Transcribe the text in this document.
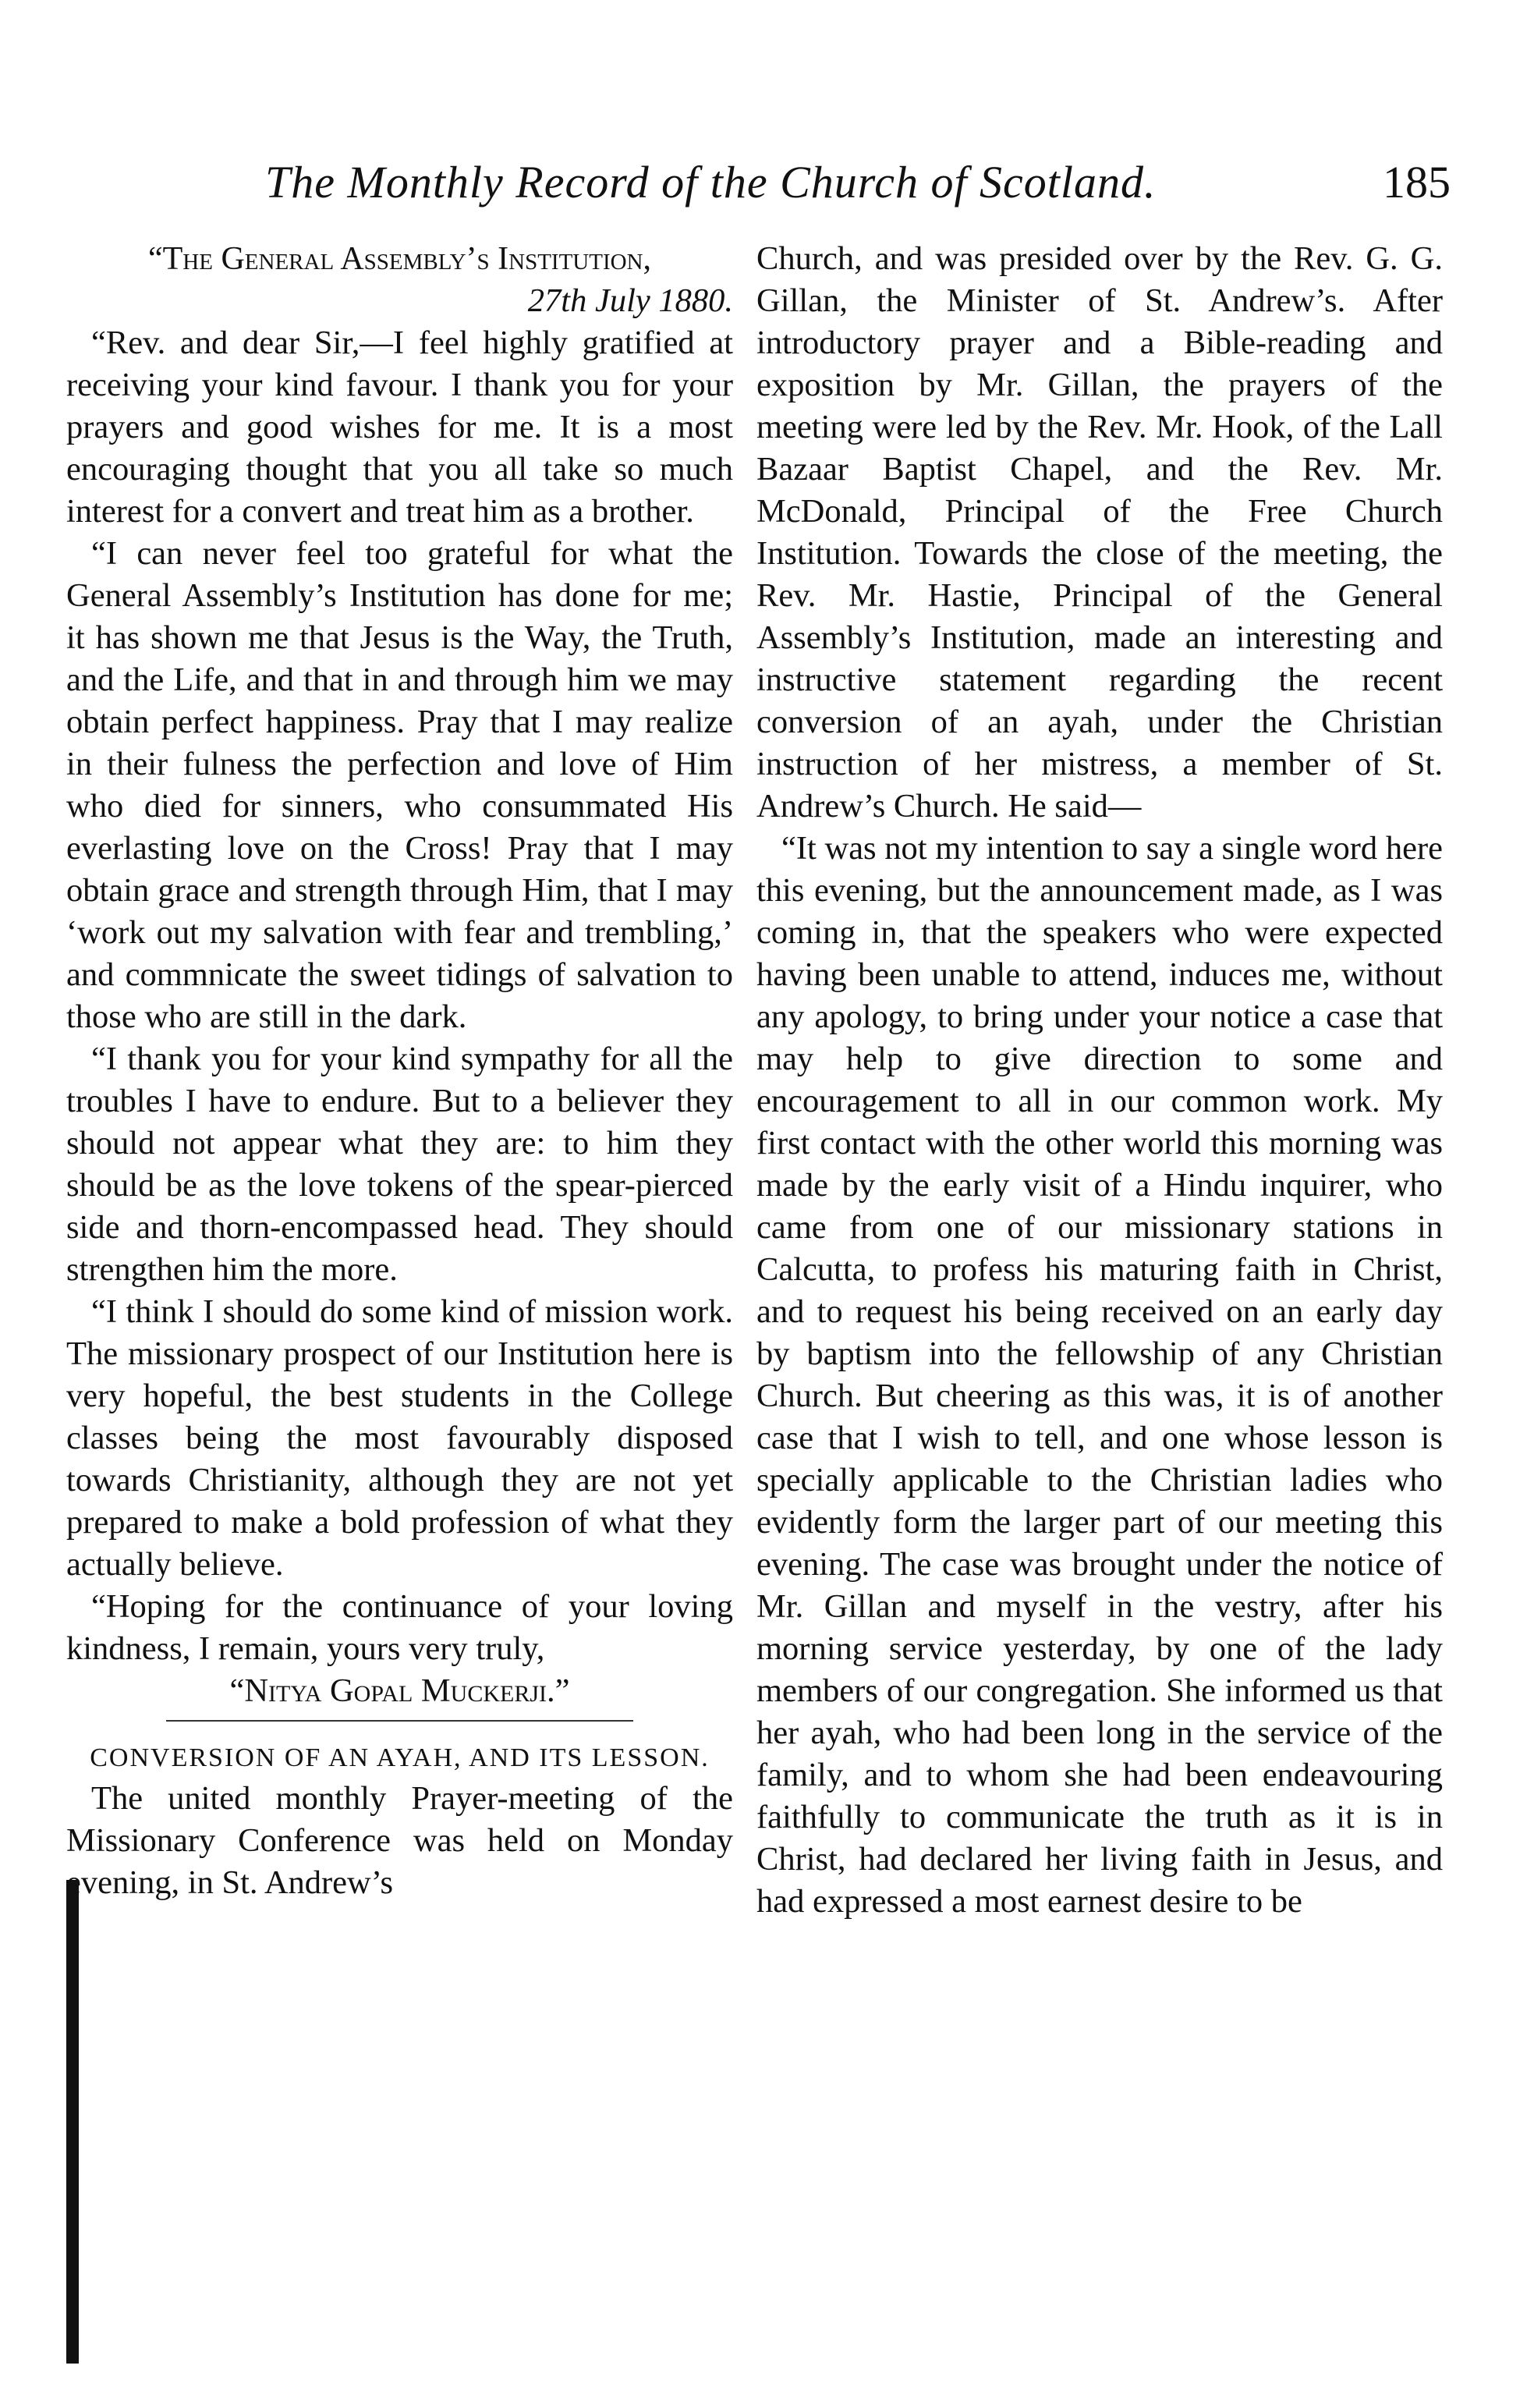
The Monthly Record of the Church of Scotland.	185

“The General Assembly’s Institution,

27th July 1880.

“Rev. and dear Sir,—I feel highly gratified at receiving your kind favour. I thank you for your prayers and good wishes for me. It is a most encouraging thought that you all take so much interest for a convert and treat him as a brother.

“I can never feel too grateful for what the General Assembly’s Institution has done for me; it has shown me that Jesus is the Way, the Truth, and the Life, and that in and through him we may obtain perfect happiness. Pray that I may realize in their fulness the perfection and love of Him who died for sinners, who consummated His everlasting love on the Cross! Pray that I may obtain grace and strength through Him, that I may ‘work out my salvation with fear and trembling,’ and commnicate the sweet tidings of salvation to those who are still in the dark.

“I thank you for your kind sympathy for all the troubles I have to endure. But to a believer they should not appear what they are: to him they should be as the love tokens of the spear-pierced side and thorn-encompassed head. They should strengthen him the more.

“I think I should do some kind of mission work. The missionary prospect of our Institution here is very hopeful, the best students in the College classes being the most favourably disposed towards Christianity, although they are not yet prepared to make a bold profession of what they actually believe.

“Hoping for the continuance of your loving kindness, I remain, yours very truly,

“Nitya Gopal Muckerji.”

CONVERSION OF AN AYAH, AND ITS LESSON.

The united monthly Prayer-meeting of the Missionary Conference was held on Monday evening, in St. Andrew’s

Church, and was presided over by the Rev. G. G. Gillan, the Minister of St. Andrew’s. After introductory prayer and a Bible-reading and exposition by Mr. Gillan, the prayers of the meeting were led by the Rev. Mr. Hook, of the Lall Bazaar Baptist Chapel, and the Rev. Mr. McDonald, Principal of the Free Church Institution. Towards the close of the meeting, the Rev. Mr. Hastie, Principal of the General Assembly’s Institution, made an interesting and instructive statement regarding the recent conversion of an ayah, under the Christian instruction of her mistress, a member of St. Andrew’s Church. He said—

“It was not my intention to say a single word here this evening, but the announcement made, as I was coming in, that the speakers who were expected having been unable to attend, induces me, without any apology, to bring under your notice a case that may help to give direction to some and encouragement to all in our common work. My first contact with the other world this morning was made by the early visit of a Hindu inquirer, who came from one of our missionary stations in Calcutta, to profess his maturing faith in Christ, and to request his being received on an early day by baptism into the fellowship of any Christian Church. But cheering as this was, it is of another case that I wish to tell, and one whose lesson is specially applicable to the Christian ladies who evidently form the larger part of our meeting this evening. The case was brought under the notice of Mr. Gillan and myself in the vestry, after his morning service yesterday, by one of the lady members of our congregation. She informed us that her ayah, who had been long in the service of the family, and to whom she had been endeavouring faithfully to communicate the truth as it is in Christ, had declared her living faith in Jesus, and had expressed a most earnest desire to be
